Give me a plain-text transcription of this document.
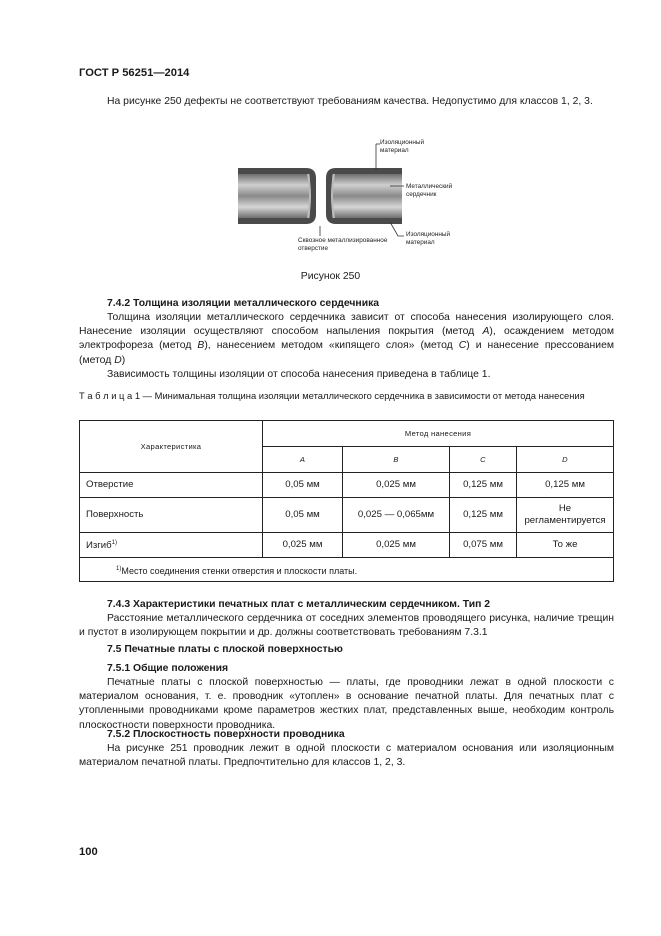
ГОСТ Р 56251—2014

На рисунке 250 дефекты не соответствуют требованиям качества. Недопустимо для классов 1, 2, 3.

Изоляционный материал Металлический сердечник Изоляционный материал Сквозное металлизированное отверстие
Рисунок 250
7.4.2 Толщина изоляции металлического сердечника

Толщина изоляции металлического сердечника зависит от способа нанесения изолирующего слоя. Нанесение изоляции осуществляют способом напыления покрытия (метод A), осаждением методом электрофореза (метод B), нанесением методом «кипящего слоя» (метод C) и нанесение прессованием (метод D)

Зависимость толщины изоляции от способа нанесения приведена в таблице 1.

Т а б л и ц а 1 — Минимальная толщина изоляции металлического сердечника в зависимости от метода нанесения
Характеристика	Метод нанесения			
	A	B	C	D
Отверстие	0,05 мм	0,025 мм	0,125 мм	0,125 мм
Поверхность	0,05 мм	0,025 — 0,065мм	0,125 мм	Не регламентируется
Изгиб$^{1)}$	0,025 мм	0,025 мм	0,075 мм	То же
$^{1)}$Место соединения стенки отверстия и плоскости платы.				
7.4.3 Характеристики печатных плат с металлическим сердечником. Тип 2

Расстояние металлического сердечника от соседних элементов проводящего рисунка, наличие трещин и пустот в изолирующем покрытии и др. должны соответствовать требованиям 7.3.1

7.5 Печатные платы с плоской поверхностью
7.5.1 Общие положения

Печатные платы с плоской поверхностью — платы, где проводники лежат в одной плоскости с материалом основания, т. е. проводник «утоплен» в основание печатной платы. Для печатных плат с утопленными проводниками кроме параметров жестких плат, представленных выше, необходим контроль плоскостности поверхности проводника.

7.5.2 Плоскостность поверхности проводника

На рисунке 251 проводник лежит в одной плоскости с материалом основания или изоляционным материалом печатной платы. Предпочтительно для классов 1, 2, 3.

100
